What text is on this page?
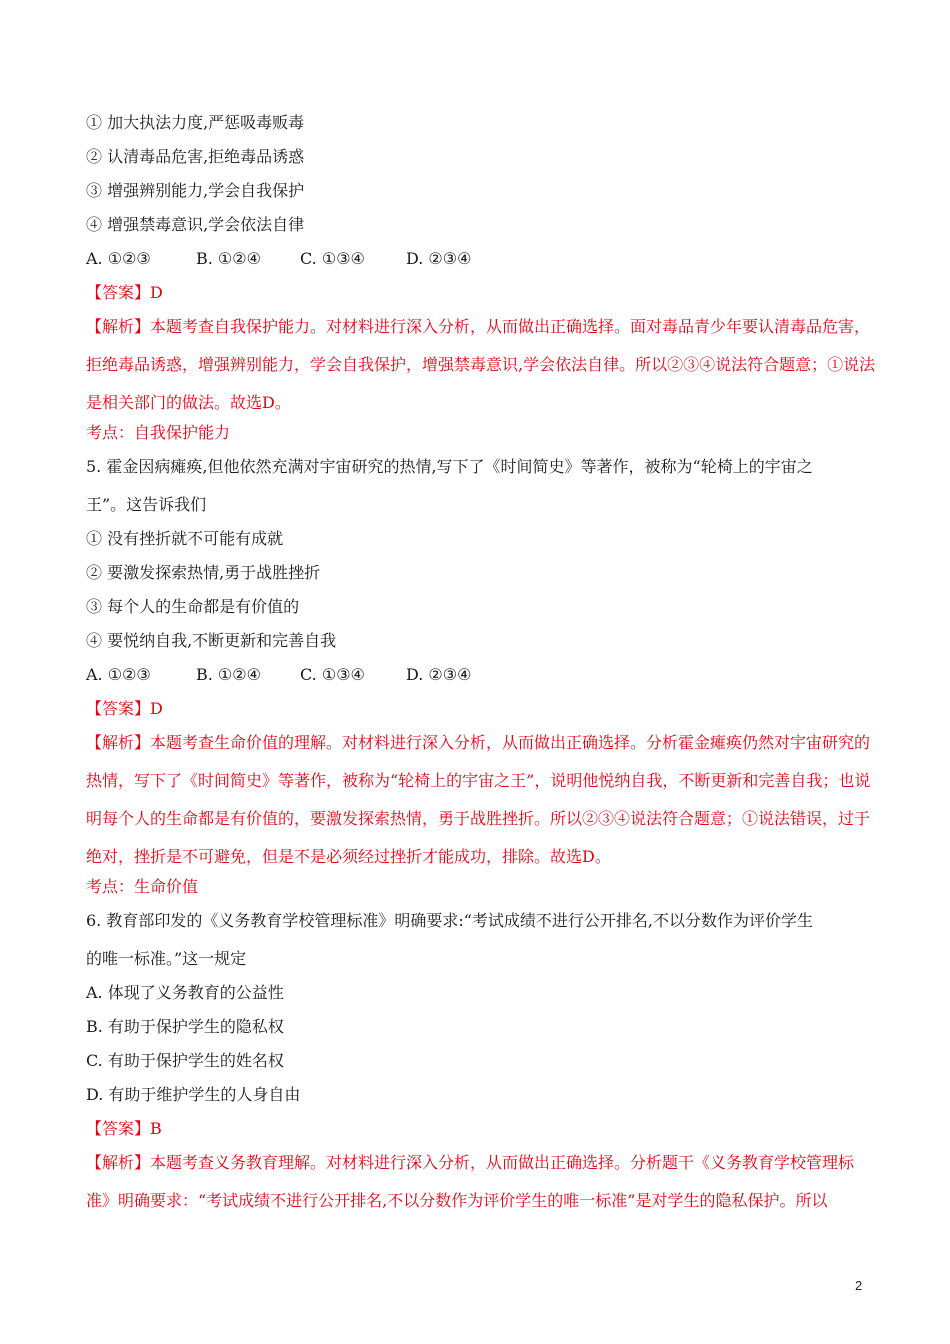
① 加大执法力度,严惩吸毒贩毒

② 认清毒品危害,拒绝毒品诱惑

③ 增强辨别能力,学会自我保护

④ 增强禁毒意识,学会依法自律

A. ①②③	B. ①②④ C. ①③④	D. ②③④

【答案】D

【解析】本题考查自我保护能力。对材料进行深入分析，从而做出正确选择。面对毒品青少年要认清毒品危害，拒绝毒品诱惑，增强辨别能力，学会自我保护，增强禁毒意识,学会依法自律。所以②③④说法符合题意；①说法是相关部门的做法。故选D。

考点：自我保护能力

5. 霍金因病瘫痪,但他依然充满对宇宙研究的热情,写下了《时间简史》等著作，被称为“轮椅上的宇宙之

王”。这告诉我们

① 没有挫折就不可能有成就

② 要激发探索热情,勇于战胜挫折

③ 每个人的生命都是有价值的

④ 要悦纳自我,不断更新和完善自我

A. ①②③	B. ①②④ C. ①③④	D. ②③④

【答案】D

【解析】本题考查生命价值的理解。对材料进行深入分析，从而做出正确选择。分析霍金瘫痪仍然对宇宙研究的热情，写下了《时间简史》等著作，被称为“轮椅上的宇宙之王”，说明他悦纳自我，不断更新和完善自我；也说明每个人的生命都是有价值的，要激发探索热情，勇于战胜挫折。所以②③④说法符合题意；①说法错误，过于绝对，挫折是不可避免，但是不是必须经过挫折才能成功，排除。故选D。

考点：生命价值

6. 教育部印发的《义务教育学校管理标准》明确要求:“考试成绩不进行公开排名,不以分数作为评价学生

的唯一标准。”这一规定

A. 体现了义务教育的公益性

B. 有助于保护学生的隐私权

C. 有助于保护学生的姓名权

D. 有助于维护学生的人身自由

【答案】B

【解析】本题考查义务教育理解。对材料进行深入分析，从而做出正确选择。分析题干《义务教育学校管理标准》明确要求：“考试成绩不进行公开排名,不以分数作为评价学生的唯一标准”是对学生的隐私保护。所以

2
